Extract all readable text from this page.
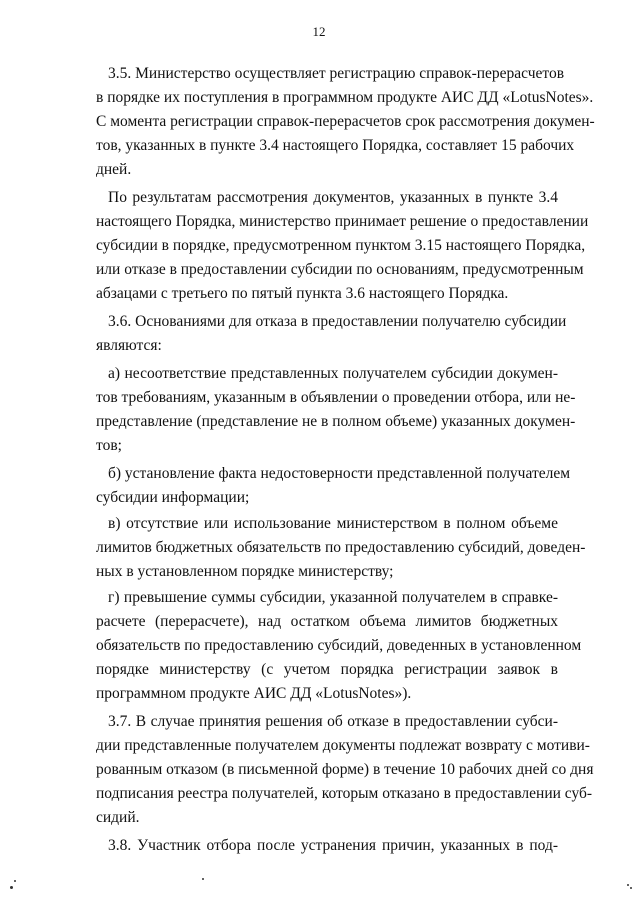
12
3.5. Министерство осуществляет регистрацию справок-перерасчетов
в порядке их поступления в программном продукте АИС ДД «LotusNotes».
С момента регистрации справок-перерасчетов срок рассмотрения докумен-
тов, указанных в пункте 3.4 настоящего Порядка, составляет 15 рабочих
дней.
По результатам рассмотрения документов, указанных в пункте 3.4
настоящего Порядка, министерство принимает решение о предоставлении
субсидии в порядке, предусмотренном пунктом 3.15 настоящего Порядка,
или отказе в предоставлении субсидии по основаниям, предусмотренным
абзацами с третьего по пятый пункта 3.6 настоящего Порядка.
3.6. Основаниями для отказа в предоставлении получателю субсидии
являются:
а) несоответствие представленных получателем субсидии докумен-
тов требованиям, указанным в объявлении о проведении отбора, или не-
представление (представление не в полном объеме) указанных докумен-
тов;
б) установление факта недостоверности представленной получателем
субсидии информации;
в) отсутствие или использование министерством в полном объеме
лимитов бюджетных обязательств по предоставлению субсидий, доведен-
ных в установленном порядке министерству;
г) превышение суммы субсидии, указанной получателем в справке-
расчете (перерасчете), над остатком объема лимитов бюджетных
обязательств по предоставлению субсидий, доведенных в установленном
порядке министерству (с учетом порядка регистрации заявок в
программном продукте АИС ДД «LotusNotes»).
3.7. В случае принятия решения об отказе в предоставлении субси-
дии представленные получателем документы подлежат возврату с мотиви-
рованным отказом (в письменной форме) в течение 10 рабочих дней со дня
подписания реестра получателей, которым отказано в предоставлении суб-
сидий.
3.8. Участник отбора после устранения причин, указанных в под-
